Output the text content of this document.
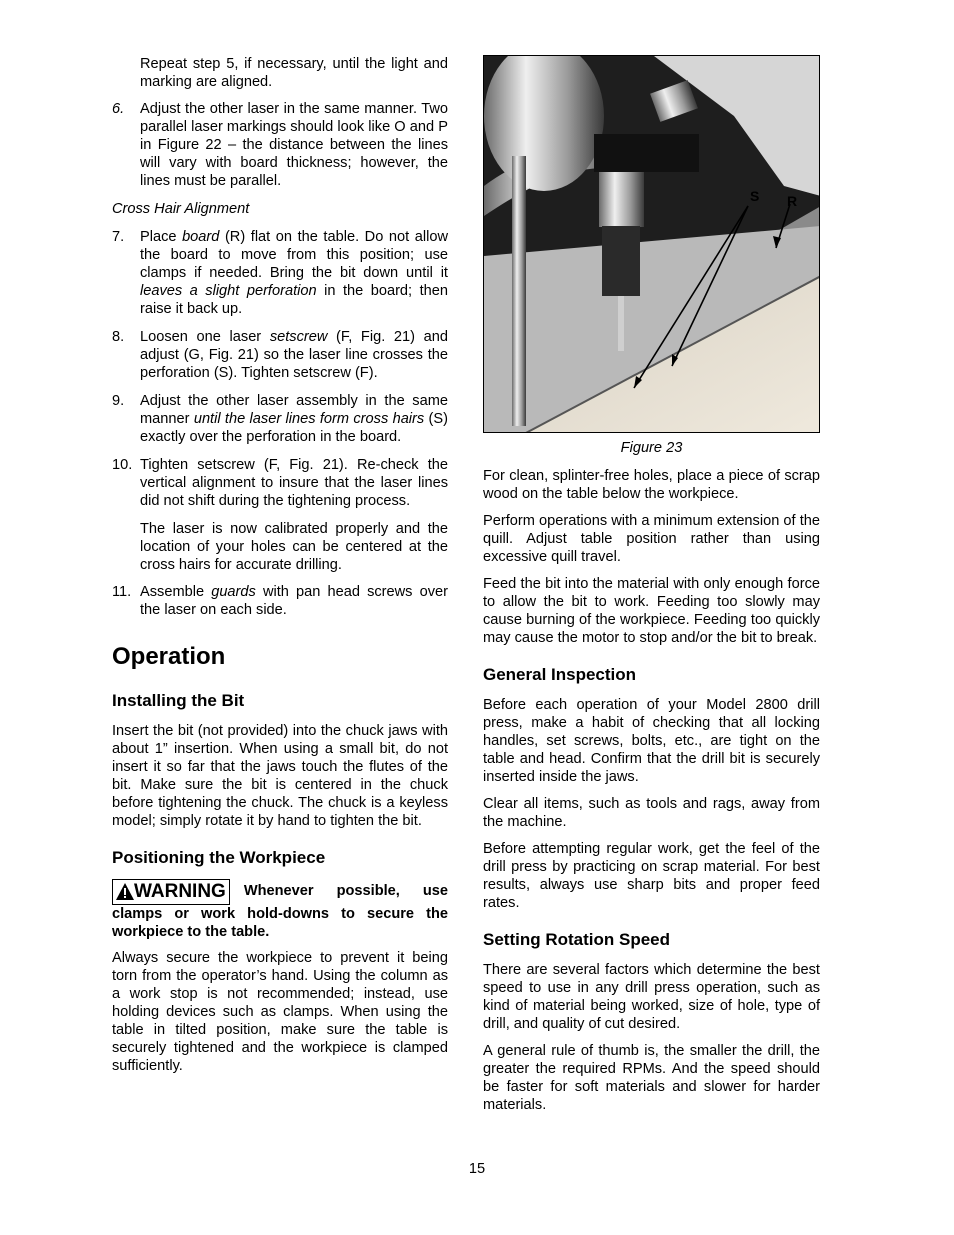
Repeat step 5, if necessary, until the light and marking are aligned.

6. Adjust the other laser in the same manner. Two parallel laser markings should look like O and P in Figure 22 – the distance between the lines will vary with board thickness; however, the lines must be parallel.
Cross Hair Alignment
7. Place board (R) flat on the table. Do not allow the board to move from this position; use clamps if needed. Bring the bit down until it leaves a slight perforation in the board; then raise it back up.
8. Loosen one laser setscrew (F, Fig. 21) and adjust (G, Fig. 21) so the laser line crosses the perforation (S). Tighten setscrew (F).
9. Adjust the other laser assembly in the same manner until the laser lines form cross hairs (S) exactly over the perforation in the board.
10. Tighten setscrew (F, Fig. 21). Re-check the vertical alignment to insure that the laser lines did not shift during the tightening process.

The laser is now calibrated properly and the location of your holes can be centered at the cross hairs for accurate drilling.

11. Assemble guards with pan head screws over the laser on each side.
Operation
Installing the Bit

Insert the bit (not provided) into the chuck jaws with about 1” insertion. When using a small bit, do not insert it so far that the jaws touch the flutes of the bit. Make sure the bit is centered in the chuck before tightening the chuck. The chuck is a keyless model; simply rotate it by hand to tighten the bit.

Positioning the Workpiece
WARNING Whenever possible, use clamps or work hold-downs to secure the workpiece to the table.

Always secure the workpiece to prevent it being torn from the operator’s hand. Using the column as a work stop is not recommended; instead, use holding devices such as clamps. When using the table in tilted position, make sure the table is securely tightened and the workpiece is clamped sufficiently.

S R
Figure 23

For clean, splinter-free holes, place a piece of scrap wood on the table below the workpiece.

Perform operations with a minimum extension of the quill. Adjust table position rather than using excessive quill travel.

Feed the bit into the material with only enough force to allow the bit to work. Feeding too slowly may cause burning of the workpiece. Feeding too quickly may cause the motor to stop and/or the bit to break.

General Inspection

Before each operation of your Model 2800 drill press, make a habit of checking that all locking handles, set screws, bolts, etc., are tight on the table and head. Confirm that the drill bit is securely inserted inside the jaws.

Clear all items, such as tools and rags, away from the machine.

Before attempting regular work, get the feel of the drill press by practicing on scrap material. For best results, always use sharp bits and proper feed rates.

Setting Rotation Speed

There are several factors which determine the best speed to use in any drill press operation, such as kind of material being worked, size of hole, type of drill, and quality of cut desired.

A general rule of thumb is, the smaller the drill, the greater the required RPMs. And the speed should be faster for soft materials and slower for harder materials.

15
